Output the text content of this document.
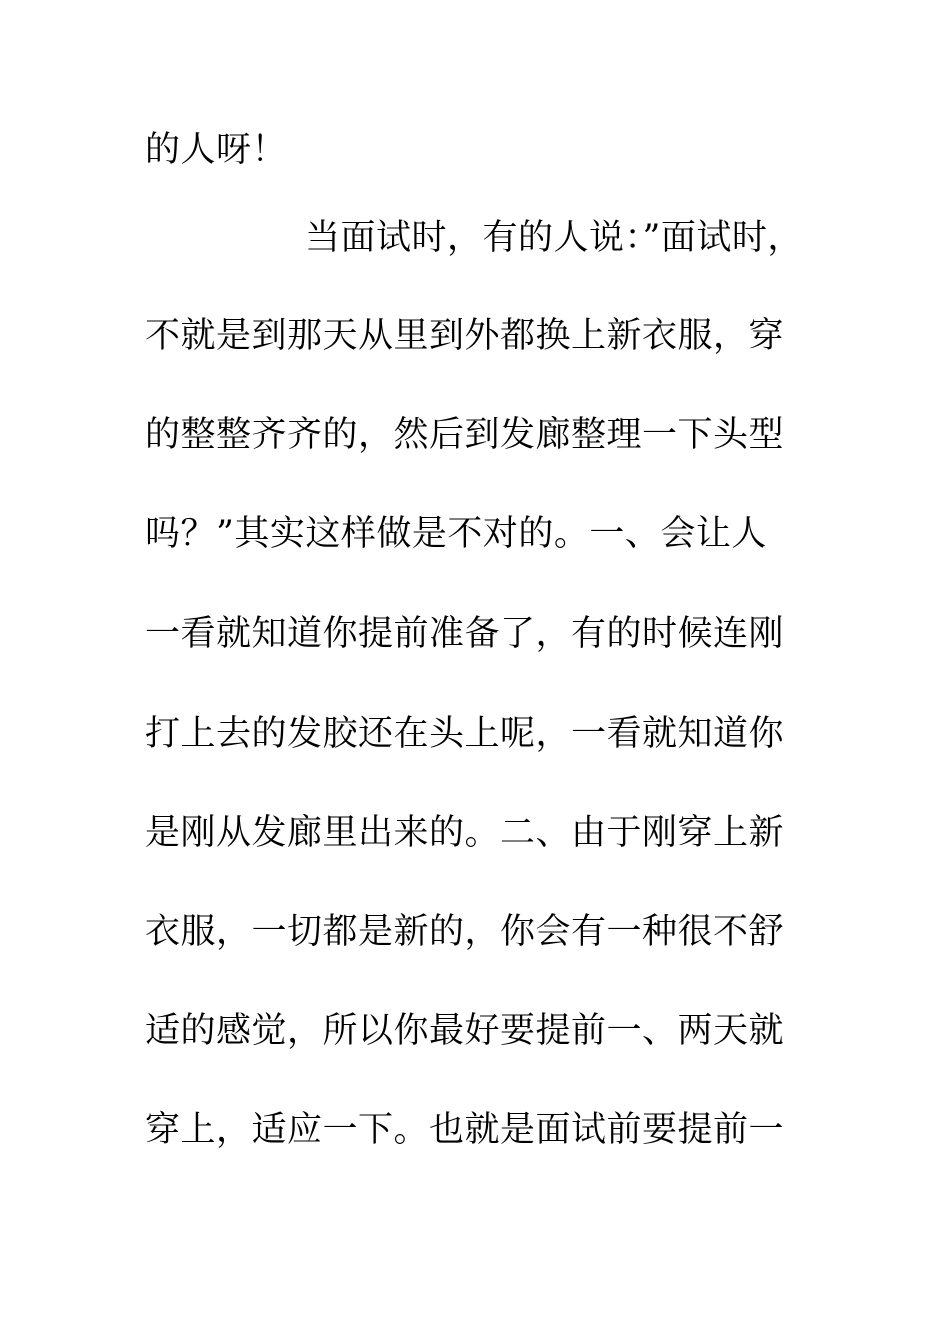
的人呀！
当面试时，有的人说：”面试时，
不就是到那天从里到外都换上新衣服，穿
的整整齐齐的，然后到发廊整理一下头型
吗？”其实这样做是不对的。一、会让人
一看就知道你提前准备了，有的时候连刚
打上去的发胶还在头上呢，一看就知道你
是刚从发廊里出来的。二、由于刚穿上新
衣服，一切都是新的，你会有一种很不舒
适的感觉，所以你最好要提前一、两天就
穿上，适应一下。也就是面试前要提前一
